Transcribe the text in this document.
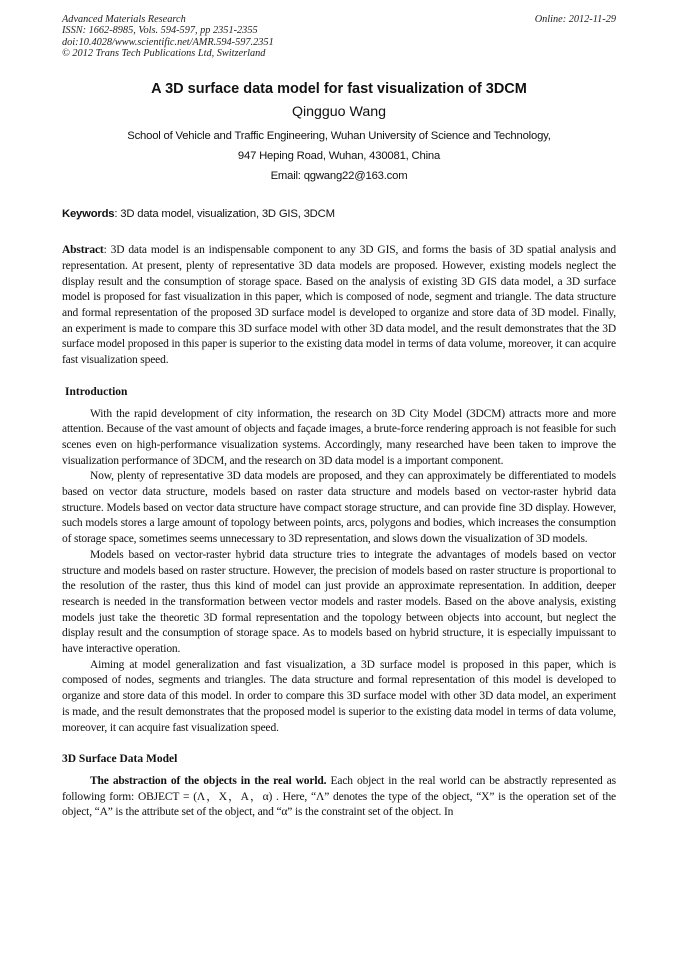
Advanced Materials Research
ISSN: 1662-8985, Vols. 594-597, pp 2351-2355
doi:10.4028/www.scientific.net/AMR.594-597.2351
© 2012 Trans Tech Publications Ltd, Switzerland
Online: 2012-11-29
A 3D surface data model for fast visualization of 3DCM
Qingguo Wang
School of Vehicle and Traffic Engineering, Wuhan University of Science and Technology,
947 Heping Road, Wuhan, 430081, China
Email: qgwang22@163.com
Keywords: 3D data model, visualization, 3D GIS, 3DCM
Abstract: 3D data model is an indispensable component to any 3D GIS, and forms the basis of 3D spatial analysis and representation. At present, plenty of representative 3D data models are proposed. However, existing models neglect the display result and the consumption of storage space. Based on the analysis of existing 3D GIS data model, a 3D surface model is proposed for fast visualization in this paper, which is composed of node, segment and triangle. The data structure and formal representation of the proposed 3D surface model is developed to organize and store data of 3D model. Finally, an experiment is made to compare this 3D surface model with other 3D data model, and the result demonstrates that the 3D surface model proposed in this paper is superior to the existing data model in terms of data volume, moreover, it can acquire fast visualization speed.
Introduction
With the rapid development of city information, the research on 3D City Model (3DCM) attracts more and more attention. Because of the vast amount of objects and façade images, a brute-force rendering approach is not feasible for such scenes even on high-performance visualization systems. Accordingly, many researched have been taken to improve the visualization performance of 3DCM, and the research on 3D data model is a important component.
Now, plenty of representative 3D data models are proposed, and they can approximately be differentiated to models based on vector data structure, models based on raster data structure and models based on vector-raster hybrid data structure. Models based on vector data structure have compact storage structure, and can provide fine 3D display. However, such models stores a large amount of topology between points, arcs, polygons and bodies, which increases the consumption of storage space, sometimes seems unnecessary to 3D representation, and slows down the visualization of 3D models.
Models based on vector-raster hybrid data structure tries to integrate the advantages of models based on vector structure and models based on raster structure. However, the precision of models based on raster structure is proportional to the resolution of the raster, thus this kind of model can just provide an approximate representation. In addition, deeper research is needed in the transformation between vector models and raster models. Based on the above analysis, existing models just take the theoretic 3D formal representation and the topology between objects into account, but neglect the display result and the consumption of storage space. As to models based on hybrid structure, it is especially impuissant to have interactive operation.
Aiming at model generalization and fast visualization, a 3D surface model is proposed in this paper, which is composed of nodes, segments and triangles. The data structure and formal representation of this model is developed to organize and store data of this model. In order to compare this 3D surface model with other 3D data model, an experiment is made, and the result demonstrates that the proposed model is superior to the existing data model in terms of data volume, moreover, it can acquire fast visualization speed.
3D Surface Data Model
The abstraction of the objects in the real world. Each object in the real world can be abstractly represented as following form: OBJECT = (Λ，X，A，α) . Here, “Λ” denotes the type of the object, “X” is the operation set of the object, “A” is the attribute set of the object, and “α” is the constraint set of the object. In
